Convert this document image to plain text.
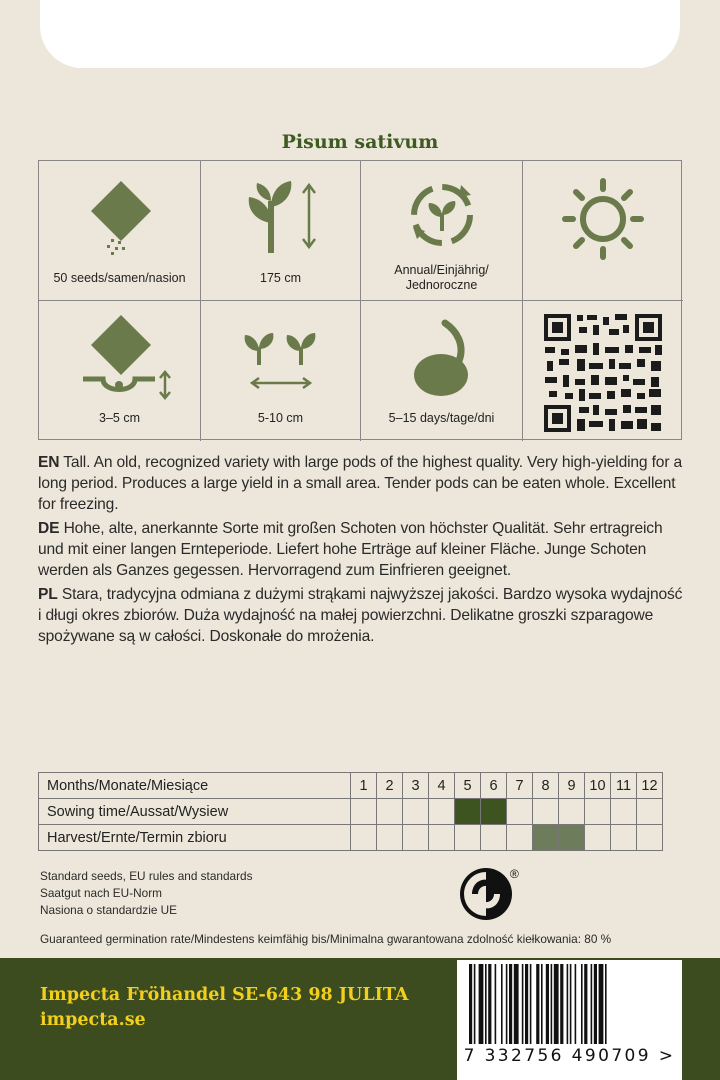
Pisum sativum
50 seeds/samen/nasion	175 cm
Annual/Einjährig/ Jednoroczne
3–5 cm	5-10 cm	5–15 days/tage/dni

EN Tall. An old, recognized variety with large pods of the highest quality. Very high-yielding for a long period. Produces a large yield in a small area. Tender pods can be eaten whole. Excellent for freezing.

DE Hohe, alte, anerkannte Sorte mit großen Schoten von höchster Qualität. Sehr ertragreich und mit einer langen Ernteperiode. Liefert hohe Erträge auf kleiner Fläche. Junge Schoten werden als Ganzes gegessen. Hervorragend zum Einfrieren geeignet.

PL Stara, tradycyjna odmiana z dużymi strąkami najwyższej jakości. Bardzo wysoka wydajność i długi okres zbiorów. Duża wydajność na małej powierzchni. Delikatne groszki szparagowe spożywane są w całości. Doskonałe do mrożenia.

Months/Monate/Miesiące	1	2	3	4	5	6	7	8	9	10	11	12
Sowing time/Aussat/Wysiew												
Harvest/Ernte/Termin zbioru												
Standard seeds, EU rules and standards
Saatgut nach EU-Norm
Nasiona o standardzie UE
®
Guaranteed germination rate/Mindestens keimfähig bis/Minimalna gwarantowana zdolność kiełkowania: 80 %
Impecta Fröhandel SE-643 98 JULITA
impecta.se
7 332756 490709 >
